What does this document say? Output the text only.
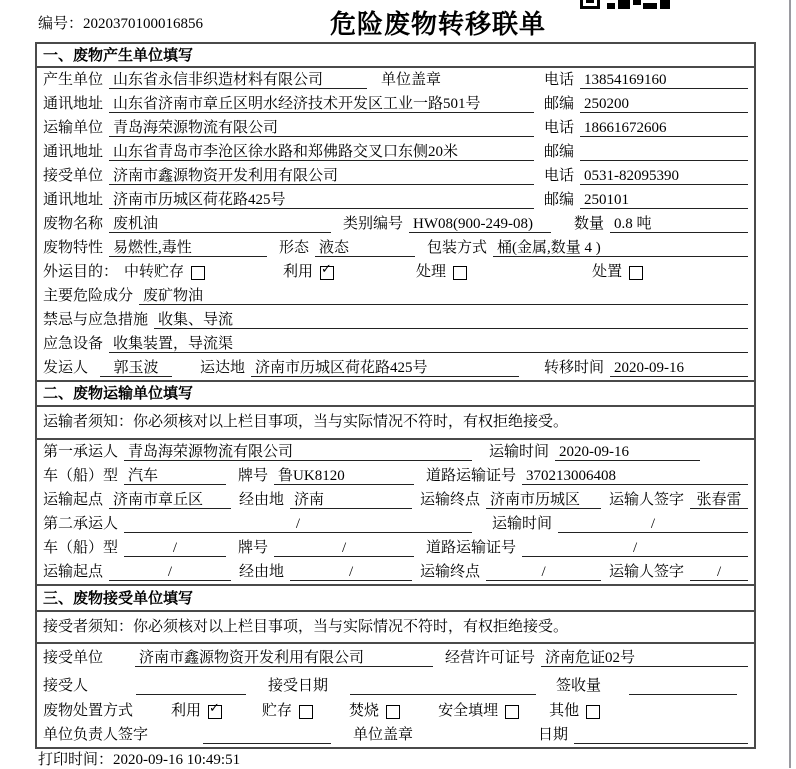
编号：2020370100016856	危险废物转移联单
一、废物产生单位填写
产生单位 山东省永信非织造材料有限公司	单位盖章	电话 13854169160
通讯地址 山东省济南市章丘区明水经济技术开发区工业一路501号	邮编 250200
运输单位 青岛海荣源物流有限公司	电话 18661672606
通讯地址 山东省青岛市李沧区徐水路和郑佛路交叉口东侧20米	邮编
接受单位 济南市鑫源物资开发利用有限公司	电话 0531-82095390
通讯地址 济南市历城区荷花路425号	邮编 250101
废物名称 废机油	类别编号 HW08(900-249-08)	数量 0.8 吨
废物特性 易燃性,毒性	形态 液态	包装方式 桶(金属,数量 4 )
外运目的： 中转贮存	利用 ✓	处理	处置
主要危险成分 废矿物油
禁忌与应急措施 收集、导流
应急设备 收集装置，导流渠
发运人	郭玉波	运达地 济南市历城区荷花路425号	转移时间 2020-09-16
二、废物运输单位填写
运输者须知：你必须核对以上栏目事项，当与实际情况不符时，有权拒绝接受。
第一承运人 青岛海荣源物流有限公司	运输时间 2020-09-16
车（船）型 汽车	牌号 鲁UK8120	道路运输证号 370213006408
运输起点 济南市章丘区	经由地 济南	运输终点 济南市历城区	运输人签字 张春雷
第二承运人	/	运输时间	/
车（船）型	/	牌号	/	道路运输证号	/
运输起点	/	经由地	/	运输终点	/	运输人签字	/
三、废物接受单位填写
接受者须知：你必须核对以上栏目事项，当与实际情况不符时，有权拒绝接受。
接受单位 济南市鑫源物资开发利用有限公司	经营许可证号 济南危证02号
接受人	接受日期	签收量
废物处置方式	利用 ✓	贮存	焚烧	安全填埋	其他
单位负责人签字	单位盖章	日期
打印时间：2020-09-16 10:49:51
